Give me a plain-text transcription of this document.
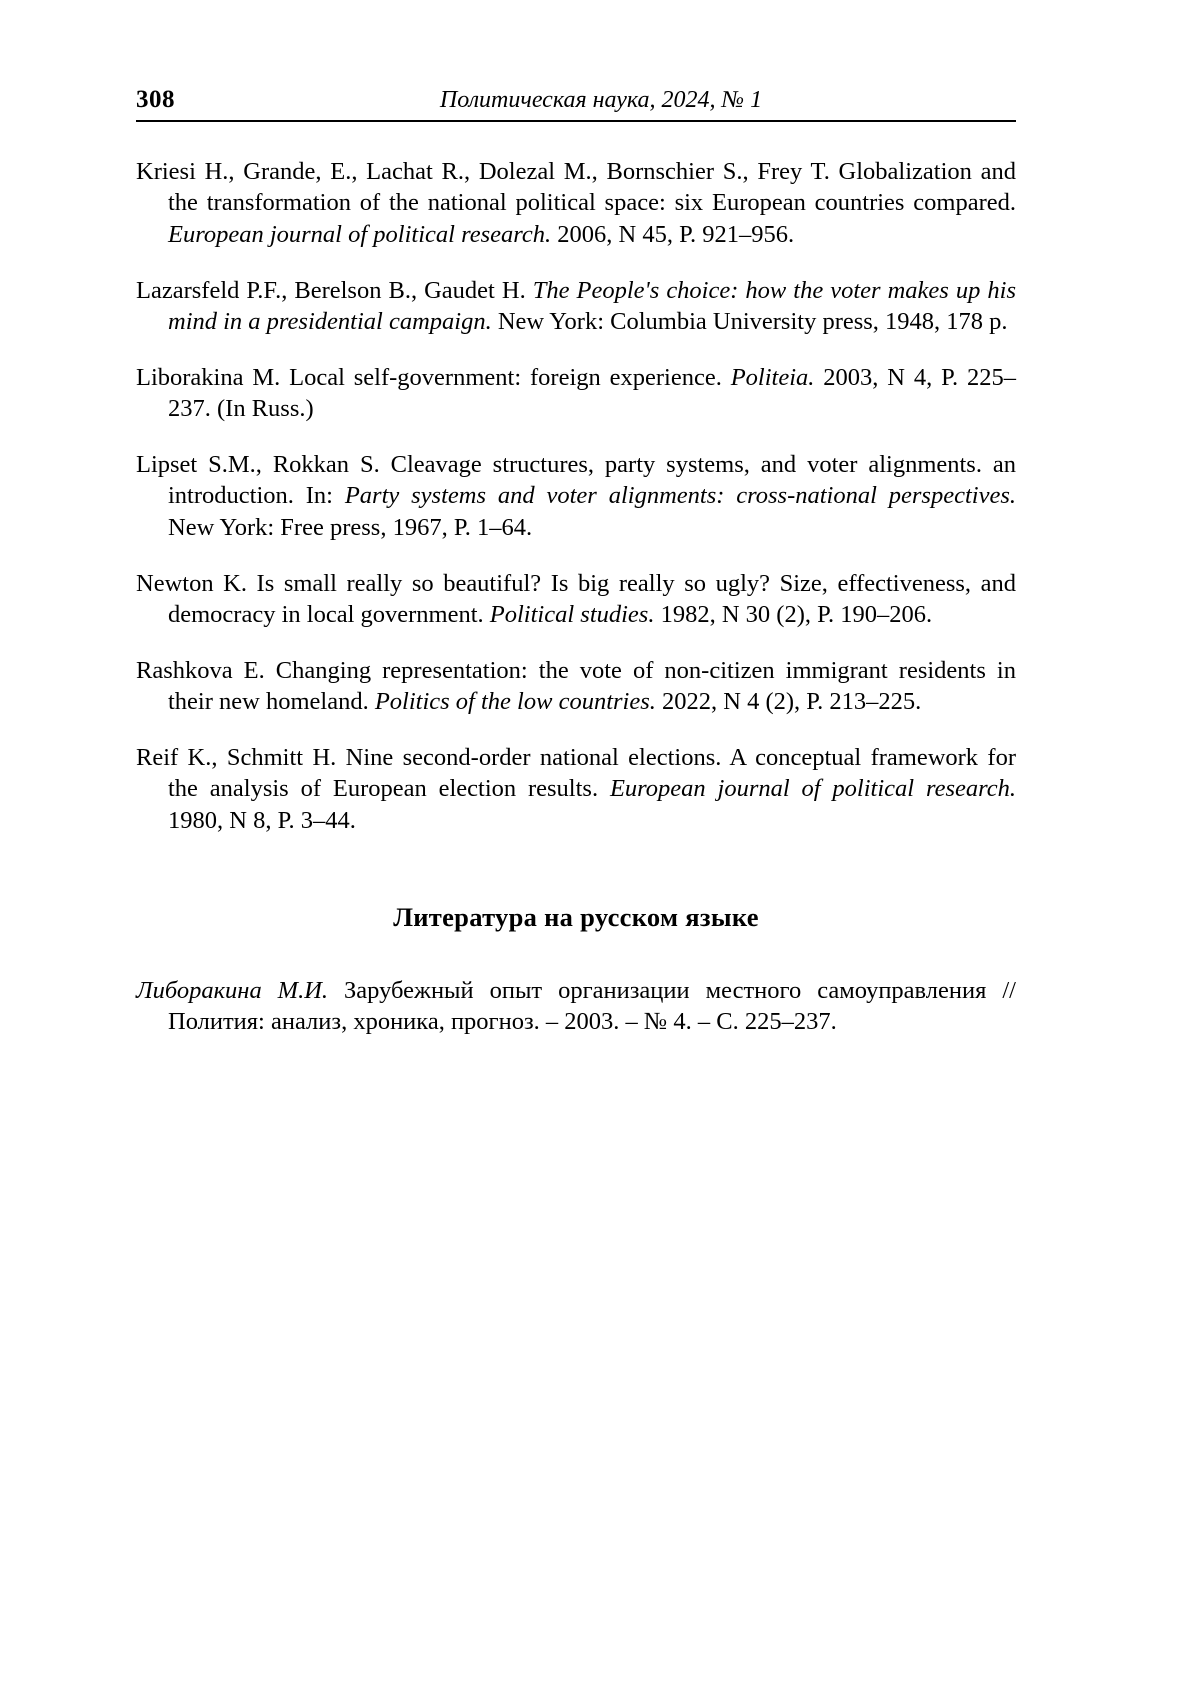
308	Политическая наука, 2024, № 1

Kriesi H., Grande, E., Lachat R., Dolezal M., Bornschier S., Frey T. Globalization and the transformation of the national political space: six European countries compared. European journal of political research. 2006, N 45, P. 921–956.

Lazarsfeld P.F., Berelson B., Gaudet H. The People's choice: how the voter makes up his mind in a presidential campaign. New York: Columbia University press, 1948, 178 p.

Liborakina M. Local self-government: foreign experience. Politeia. 2003, N 4, P. 225–237. (In Russ.)

Lipset S.M., Rokkan S. Cleavage structures, party systems, and voter alignments. an introduction. In: Party systems and voter alignments: cross-national perspectives. New York: Free press, 1967, P. 1–64.

Newton K. Is small really so beautiful? Is big really so ugly? Size, effectiveness, and democracy in local government. Political studies. 1982, N 30 (2), P. 190–206.

Rashkova E. Changing representation: the vote of non-citizen immigrant residents in their new homeland. Politics of the low countries. 2022, N 4 (2), P. 213–225.

Reif K., Schmitt H. Nine second-order national elections. A conceptual framework for the analysis of European election results. European journal of political research. 1980, N 8, P. 3–44.

Литература на русском языке

Либоракина М.И. Зарубежный опыт организации местного самоуправления // Полития: анализ, хроника, прогноз. – 2003. – № 4. – С. 225–237.
